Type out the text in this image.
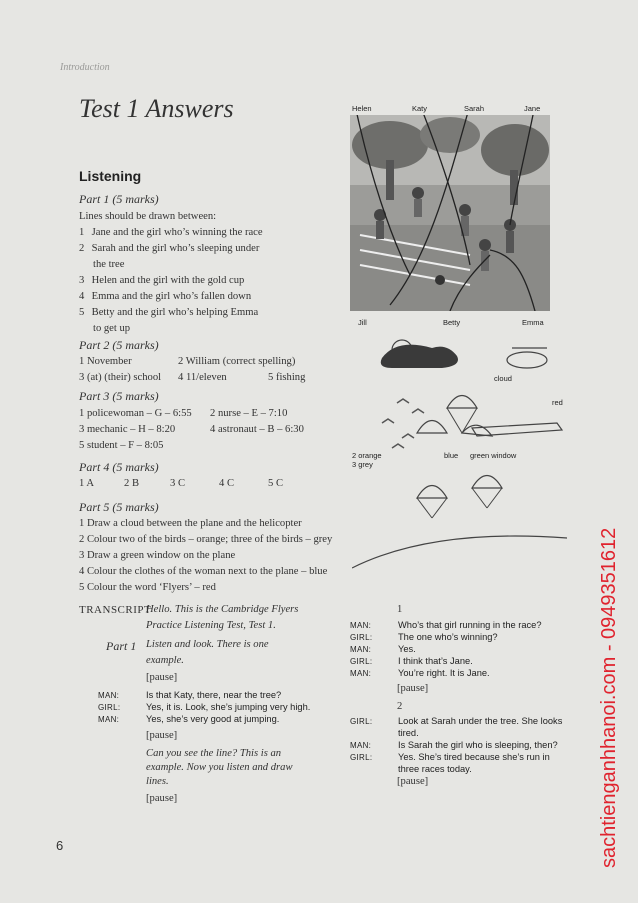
Introduction
Test 1 Answers
Listening
Part 1 (5 marks)
Lines should be drawn between:
1 Jane and the girl who’s winning the race
2 Sarah and the girl who’s sleeping under
the tree
3 Helen and the girl with the gold cup
4 Emma and the girl who’s fallen down
5 Betty and the girl who’s helping Emma
to get up
Part 2 (5 marks)
1 November	2 William (correct spelling)
3 (at) (their) school 4 11/eleven	5 fishing
Part 3 (5 marks)
1 policewoman – G – 6:55 2 nurse – E – 7:10
3 mechanic – H – 8:20	4 astronaut – B – 6:30
5 student – F – 8:05
Part 4 (5 marks)
1 A	2 B	3 C	4 C	5 C
Part 5 (5 marks)
1 Draw a cloud between the plane and the helicopter
2 Colour two of the birds – orange; three of the birds – grey
3 Draw a green window on the plane
4 Colour the clothes of the woman next to the plane – blue
5 Colour the word ‘Flyers’ – red
TRANSCRIPT
Hello. This is the Cambridge Flyers
Practice Listening Test, Test 1.
Part 1 Listen and look. There is one
example.
[pause]
MAN:	Is that Katy, there, near the tree?
GIRL:	Yes, it is. Look, she’s jumping very high.
MAN:	Yes, she’s very good at jumping.
[pause]
Can you see the line? This is an
example. Now you listen and draw
lines.
[pause]
1
MAN:	Who’s that girl running in the race?
GIRL:	The one who’s winning?
MAN:	Yes.
GIRL:	I think that’s Jane.
MAN:	You’re right. It is Jane.
[pause]
2
GIRL:	Look at Sarah under the tree. She looks
tired.
MAN:	Is Sarah the girl who is sleeping, then?
GIRL:	Yes. She’s tired because she’s run in
three races today.
[pause]
Helen	Katy	Sarah	Jane
Jill	Betty	Emma
cloud
red
2 orange
3 grey
blue green window
6	sachtienganhhanoi.com - 0949351612
